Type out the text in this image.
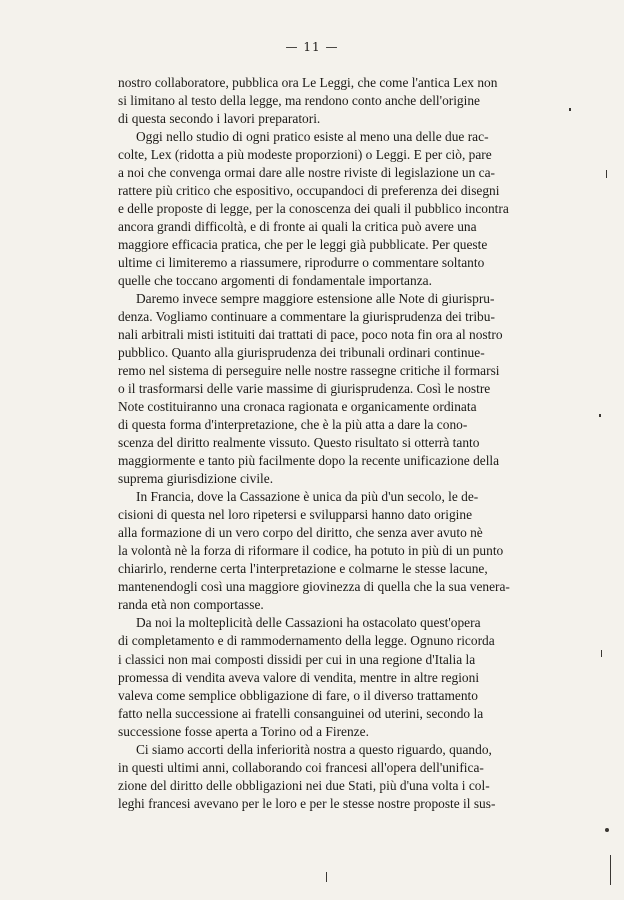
— 11 —
nostro collaboratore, pubblica ora Le Leggi, che come l'antica Lex non
si limitano al testo della legge, ma rendono conto anche dell'origine
di questa secondo i lavori preparatori.
Oggi nello studio di ogni pratico esiste al meno una delle due rac-
colte, Lex (ridotta a più modeste proporzioni) o Leggi. E per ciò, pare
a noi che convenga ormai dare alle nostre riviste di legislazione un ca-
rattere più critico che espositivo, occupandoci di preferenza dei disegni
e delle proposte di legge, per la conoscenza dei quali il pubblico incontra
ancora grandi difficoltà, e di fronte ai quali la critica può avere una
maggiore efficacia pratica, che per le leggi già pubblicate. Per queste
ultime ci limiteremo a riassumere, riprodurre o commentare soltanto
quelle che toccano argomenti di fondamentale importanza.
Daremo invece sempre maggiore estensione alle Note di giurispru-
denza. Vogliamo continuare a commentare la giurisprudenza dei tribu-
nali arbitrali misti istituiti dai trattati di pace, poco nota fin ora al nostro
pubblico. Quanto alla giurisprudenza dei tribunali ordinari continue-
remo nel sistema di perseguire nelle nostre rassegne critiche il formarsi
o il trasformarsi delle varie massime di giurisprudenza. Così le nostre
Note costituiranno una cronaca ragionata e organicamente ordinata
di questa forma d'interpretazione, che è la più atta a dare la cono-
scenza del diritto realmente vissuto. Questo risultato si otterrà tanto
maggiormente e tanto più facilmente dopo la recente unificazione della
suprema giurisdizione civile.
In Francia, dove la Cassazione è unica da più d'un secolo, le de-
cisioni di questa nel loro ripetersi e svilupparsi hanno dato origine
alla formazione di un vero corpo del diritto, che senza aver avuto nè
la volontà nè la forza di riformare il codice, ha potuto in più di un punto
chiarirlo, renderne certa l'interpretazione e colmarne le stesse lacune,
mantenendogli così una maggiore giovinezza di quella che la sua venera-
randa età non comportasse.
Da noi la molteplicità delle Cassazioni ha ostacolato quest'opera
di completamento e di rammodernamento della legge. Ognuno ricorda
i classici non mai composti dissidi per cui in una regione d'Italia la
promessa di vendita aveva valore di vendita, mentre in altre regioni
valeva come semplice obbligazione di fare, o il diverso trattamento
fatto nella successione ai fratelli consanguinei od uterini, secondo la
successione fosse aperta a Torino od a Firenze.
Ci siamo accorti della inferiorità nostra a questo riguardo, quando,
in questi ultimi anni, collaborando coi francesi all'opera dell'unifica-
zione del diritto delle obbligazioni nei due Stati, più d'una volta i col-
leghi francesi avevano per le loro e per le stesse nostre proposte il sus-
